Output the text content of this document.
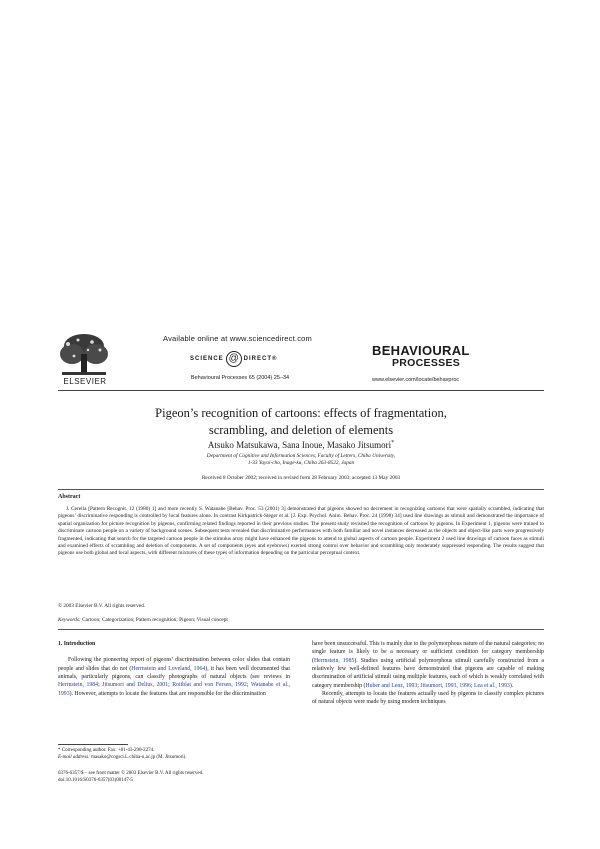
ELSEVIER
Available online at www.sciencedirect.com
SCIENCE @ DIRECT®
Behavioural Processes 65 (2004) 25–34
BEHAVIOURAL
PROCESSES
www.elsevier.com/locate/behavproc
Pigeon’s recognition of cartoons: effects of fragmentation,
scrambling, and deletion of elements
Atsuko Matsukawa, Sana Inoue, Masako Jitsumori*
Department of Cognitive and Information Sciences, Faculty of Letters, Chiba University,
1-33 Yayoi-cho, Inage-ku, Chiba 263-8522, Japan
Received 8 October 2002; received in revised form 28 February 2003; accepted 13 May 2003
Abstract
J. Cerella [Pattern Recognit. 12 (1980) 1] and more recently S. Watanabe [Behav. Proc. 53 (2001) 3] demonstrated that pigeons showed no decrement in recognizing cartoons that were spatially scrambled, indicating that pigeons’ discriminative responding is controlled by local features alone. In contrast Kirkpatrick-Steger et al. [J. Exp. Psychol. Anim. Behav. Proc. 24 (1998) 34] used line drawings as stimuli and demonstrated the importance of spatial organization for picture recognition by pigeons, confirming related findings reported in their previous studies. The present study revisited the recognition of cartoons by pigeons. In Experiment 1, pigeons were trained to discriminate cartoon people on a variety of background scenes. Subsequent tests revealed that discriminative performances with both familiar and novel instances decreased as the objects and object-like parts were progressively fragmented, indicating that search for the targeted cartoon people in the stimulus array might have enhanced the pigeons to attend to global aspects of cartoon people. Experiment 2 used line drawings of cartoon faces as stimuli and examined effects of scrambling and deletion of components. A set of components (eyes and eyebrows) exerted strong control over behavior and scrambling only moderately suppressed responding. The results suggest that pigeons use both global and local aspects, with different mixtures of these types of information depending on the particular perceptual context.
© 2003 Elsevier B.V. All rights reserved.
Keywords: Cartoon; Categorization; Pattern recognition; Pigeon; Visual concept
1. Introduction

Following the pioneering report of pigeons’ discrimination between color slides that contain people and slides that do not (Herrnstein and Loveland, 1964), it has been well documented that animals, particularly pigeons, can classify photographs of natural objects (see reviews in Herrnstein, 1984; Jitsumori and Delius, 2001; Roitblat and von Fersen, 1992; Watanabe et al., 1993). However, attempts to locate the features that are responsible for the discrimination

have been unsuccessful. This is mainly due to the polymorphous nature of the natural categories; no single feature is likely to be a necessary or sufficient condition for category membership (Herrnstein, 1985). Studies using artificial polymorphous stimuli carefully constructed from a relatively few well-defined features have demonstrated that pigeons are capable of making discrimination of artificial stimuli using multiple features, each of which is weakly correlated with category membership (Huber and Lenz, 1993; Jitsumori, 1993, 1996; Lea et al., 1993).

Recently, attempts to locate the features actually used by pigeons to classify complex pictures of natural objects were made by using modern techniques

* Corresponding author. Fax: +81-43-290-2274.
E-mail address: masako@cogsci.L.chiba-u.ac.jp (M. Jitsumori).
0376-6357/$ – see front matter © 2003 Elsevier B.V. All rights reserved.
doi:10.1016/S0376-6357(03)00147-5
